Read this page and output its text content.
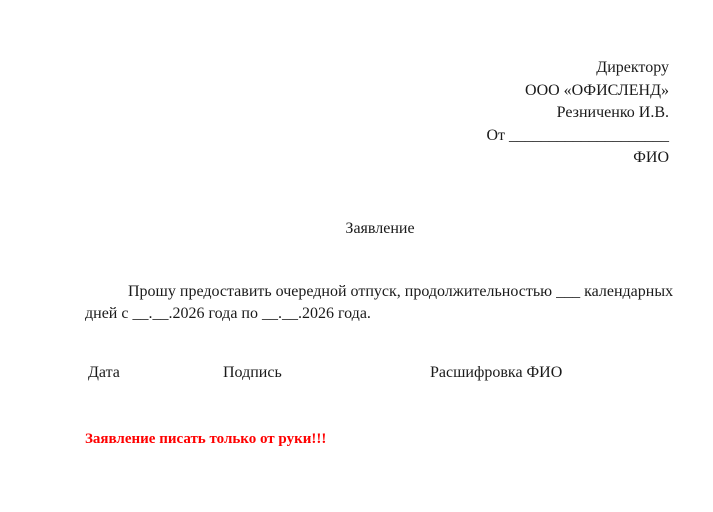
Директору
ООО «ОФИСЛЕНД»
Резниченко И.В.
От ____________________
ФИО
Заявление
Прошу предоставить очередной отпуск, продолжительностью ___ календарных дней с __.__.2026 года по __.__.2026 года.
Дата	Подпись	Расшифровка ФИО
Заявление писать только от руки!!!
